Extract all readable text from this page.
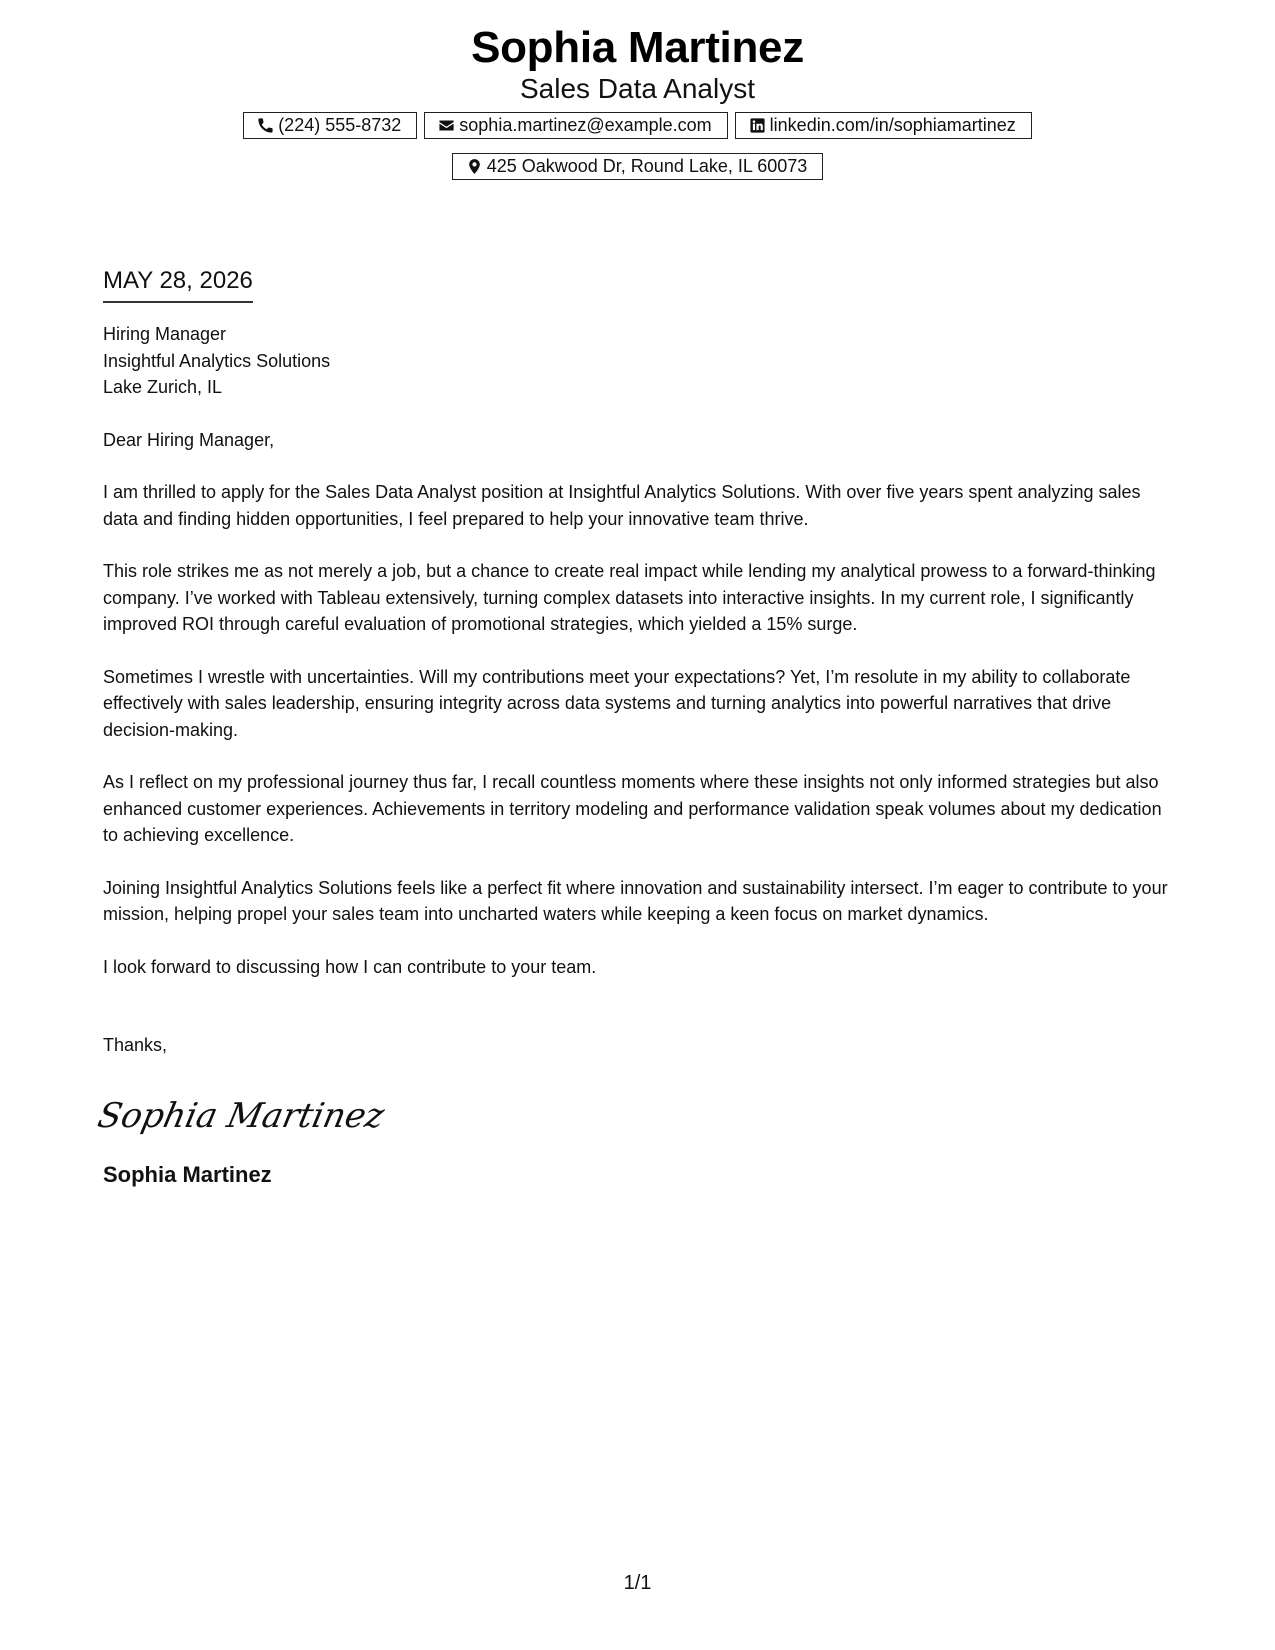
Sophia Martinez
Sales Data Analyst
(224) 555-8732	sophia.martinez@example.com	linkedin.com/in/sophiamartinez
425 Oakwood Dr, Round Lake, IL 60073
MAY 28, 2026
Hiring Manager
Insightful Analytics Solutions
Lake Zurich, IL
Dear Hiring Manager,

I am thrilled to apply for the Sales Data Analyst position at Insightful Analytics Solutions. With over five years spent analyzing sales data and finding hidden opportunities, I feel prepared to help your innovative team thrive.

This role strikes me as not merely a job, but a chance to create real impact while lending my analytical prowess to a forward-thinking company. I’ve worked with Tableau extensively, turning complex datasets into interactive insights. In my current role, I significantly improved ROI through careful evaluation of promotional strategies, which yielded a 15% surge.

Sometimes I wrestle with uncertainties. Will my contributions meet your expectations? Yet, I’m resolute in my ability to collaborate effectively with sales leadership, ensuring integrity across data systems and turning analytics into powerful narratives that drive decision-making.

As I reflect on my professional journey thus far, I recall countless moments where these insights not only informed strategies but also enhanced customer experiences. Achievements in territory modeling and performance validation speak volumes about my dedication to achieving excellence.

Joining Insightful Analytics Solutions feels like a perfect fit where innovation and sustainability intersect. I’m eager to contribute to your mission, helping propel your sales team into uncharted waters while keeping a keen focus on market dynamics.

I look forward to discussing how I can contribute to your team.

Thanks,
Sophia Martinez
Sophia Martinez
1/1
